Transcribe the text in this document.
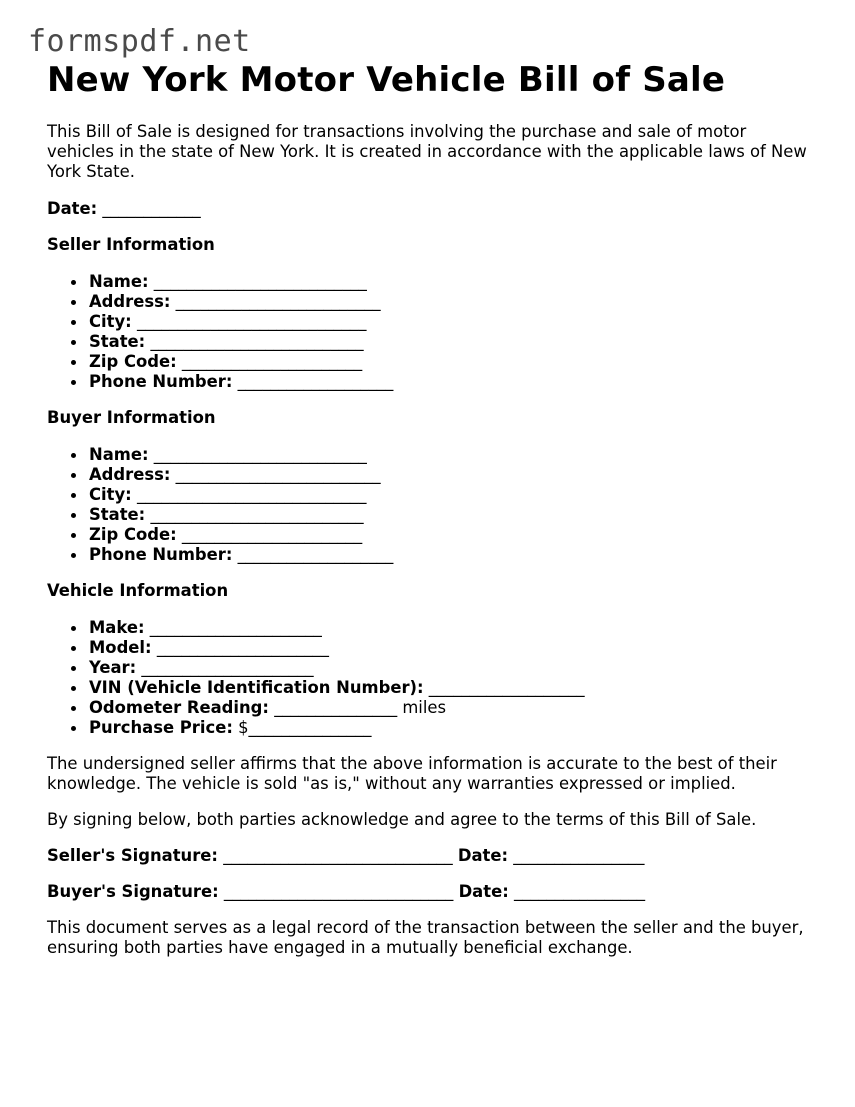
formspdf.net
New York Motor Vehicle Bill of Sale

This Bill of Sale is designed for transactions involving the purchase and sale of motor vehicles in the state of New York. It is created in accordance with the applicable laws of New York State.

Date: ____________

Seller Information
Name: __________________________
Address: _________________________
City: ____________________________
State: __________________________
Zip Code: ______________________
Phone Number: ___________________
Buyer Information
Name: __________________________
Address: _________________________
City: ____________________________
State: __________________________
Zip Code: ______________________
Phone Number: ___________________
Vehicle Information
Make: _____________________
Model: _____________________
Year: _____________________
VIN (Vehicle Identification Number): ___________________
Odometer Reading: _______________ miles
Purchase Price: $_______________

The undersigned seller affirms that the above information is accurate to the best of their knowledge. The vehicle is sold "as is," without any warranties expressed or implied.

By signing below, both parties acknowledge and agree to the terms of this Bill of Sale.

Seller's Signature: ____________________________ Date: ________________

Buyer's Signature: ____________________________ Date: ________________

This document serves as a legal record of the transaction between the seller and the buyer, ensuring both parties have engaged in a mutually beneficial exchange.
